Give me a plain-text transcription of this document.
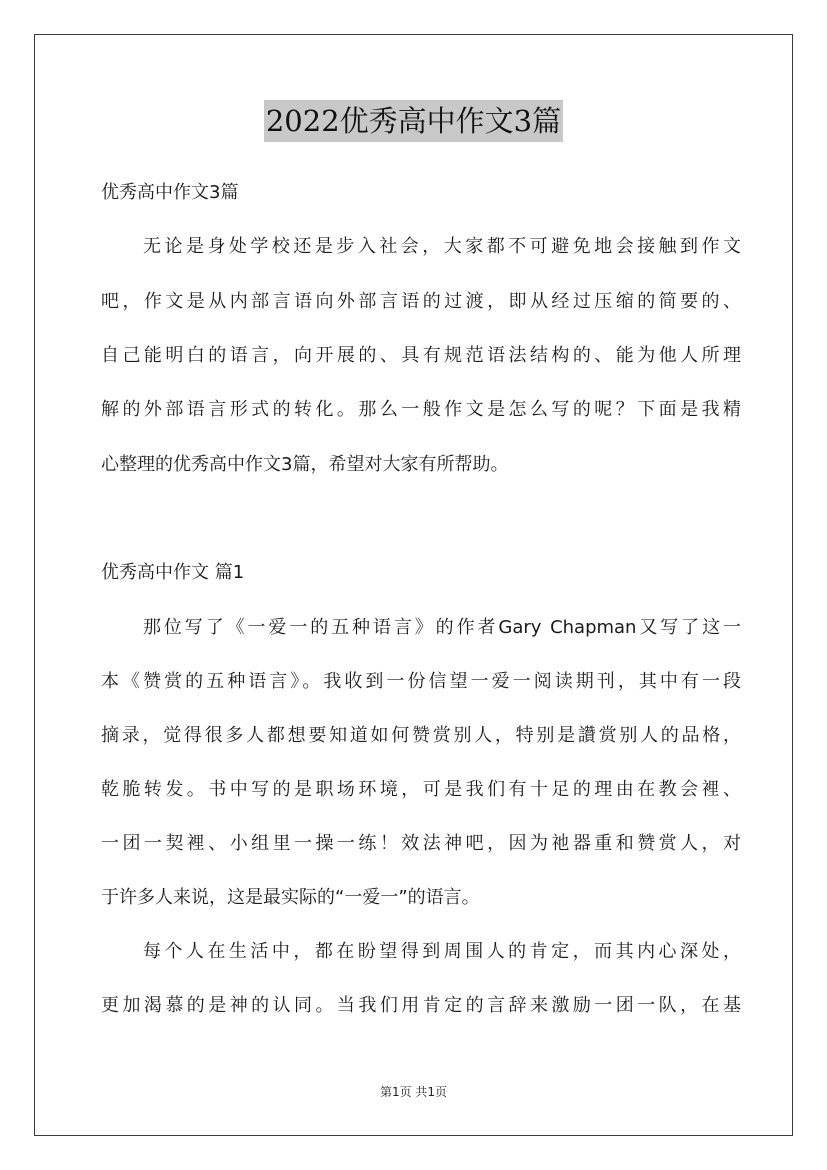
2022优秀高中作文3篇
优秀高中作文3篇
无论是身处学校还是步入社会，大家都不可避免地会接触到作文
吧，作文是从内部言语向外部言语的过渡，即从经过压缩的简要的、
自己能明白的语言，向开展的、具有规范语法结构的、能为他人所理
解的外部语言形式的转化。那么一般作文是怎么写的呢？下面是我精
心整理的优秀高中作文3篇，希望对大家有所帮助。
优秀高中作文 篇1
那位写了《一爱一的五种语言》的作者Gary Chapman又写了这一
本《赞赏的五种语言》。我收到一份信望一爱一阅读期刊，其中有一段
摘录，觉得很多人都想要知道如何赞赏别人，特别是讚赏别人的品格，
乾脆转发。书中写的是职场环境，可是我们有十足的理由在教会裡、
一团一契裡、小组里一操一练！效法神吧，因为祂器重和赞赏人，对
于许多人来说，这是最实际的“一爱一”的语言。
每个人在生活中，都在盼望得到周围人的肯定，而其内心深处，
更加渴慕的是神的认同。当我们用肯定的言辞来激励一团一队，在基
第1页 共1页
